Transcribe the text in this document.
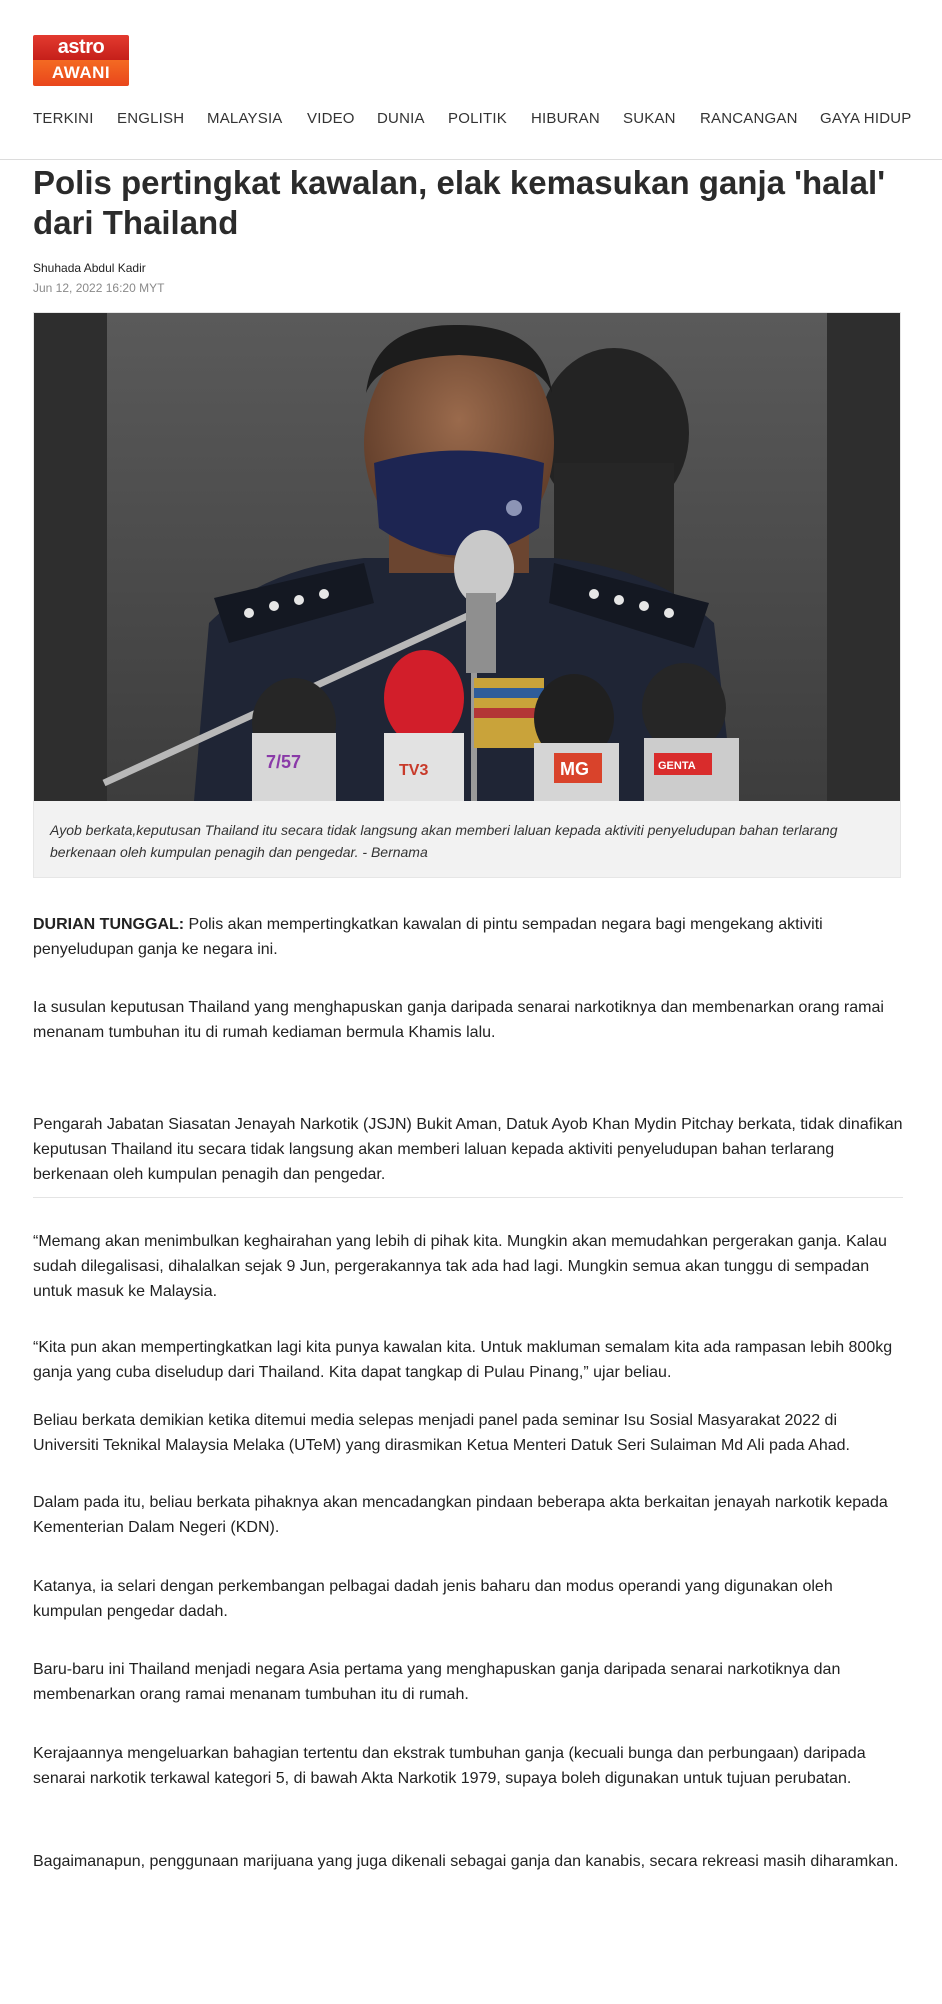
astro
AWANI
TERKINI ENGLISH MALAYSIA VIDEO DUNIA POLITIK HIBURAN SUKAN RANCANGAN GAYA HIDUP
Polis pertingkat kawalan, elak kemasukan ganja 'halal' dari Thailand
Shuhada Abdul Kadir
Jun 12, 2022 16:20 MYT
7/57	TV3	MG	GENTA
Ayob berkata,keputusan Thailand itu secara tidak langsung akan memberi laluan kepada aktiviti penyeludupan bahan terlarang berkenaan oleh kumpulan penagih dan pengedar. - Bernama

DURIAN TUNGGAL: Polis akan mempertingkatkan kawalan di pintu sempadan negara bagi mengekang aktiviti penyeludupan ganja ke negara ini.

Ia susulan keputusan Thailand yang menghapuskan ganja daripada senarai narkotiknya dan membenarkan orang ramai menanam tumbuhan itu di rumah kediaman bermula Khamis lalu.

Pengarah Jabatan Siasatan Jenayah Narkotik (JSJN) Bukit Aman, Datuk Ayob Khan Mydin Pitchay berkata, tidak dinafikan keputusan Thailand itu secara tidak langsung akan memberi laluan kepada aktiviti penyeludupan bahan terlarang berkenaan oleh kumpulan penagih dan pengedar.

“Memang akan menimbulkan keghairahan yang lebih di pihak kita. Mungkin akan memudahkan pergerakan ganja. Kalau sudah dilegalisasi, dihalalkan sejak 9 Jun, pergerakannya tak ada had lagi. Mungkin semua akan tunggu di sempadan untuk masuk ke Malaysia.

“Kita pun akan mempertingkatkan lagi kita punya kawalan kita. Untuk makluman semalam kita ada rampasan lebih 800kg ganja yang cuba diseludup dari Thailand. Kita dapat tangkap di Pulau Pinang,” ujar beliau.

Beliau berkata demikian ketika ditemui media selepas menjadi panel pada seminar Isu Sosial Masyarakat 2022 di Universiti Teknikal Malaysia Melaka (UTeM) yang dirasmikan Ketua Menteri Datuk Seri Sulaiman Md Ali pada Ahad.

Dalam pada itu, beliau berkata pihaknya akan mencadangkan pindaan beberapa akta berkaitan jenayah narkotik kepada Kementerian Dalam Negeri (KDN).

Katanya, ia selari dengan perkembangan pelbagai dadah jenis baharu dan modus operandi yang digunakan oleh kumpulan pengedar dadah.

Baru-baru ini Thailand menjadi negara Asia pertama yang menghapuskan ganja daripada senarai narkotiknya dan membenarkan orang ramai menanam tumbuhan itu di rumah.

Kerajaannya mengeluarkan bahagian tertentu dan ekstrak tumbuhan ganja (kecuali bunga dan perbungaan) daripada senarai narkotik terkawal kategori 5, di bawah Akta Narkotik 1979, supaya boleh digunakan untuk tujuan perubatan.

Bagaimanapun, penggunaan marijuana yang juga dikenali sebagai ganja dan kanabis, secara rekreasi masih diharamkan.
